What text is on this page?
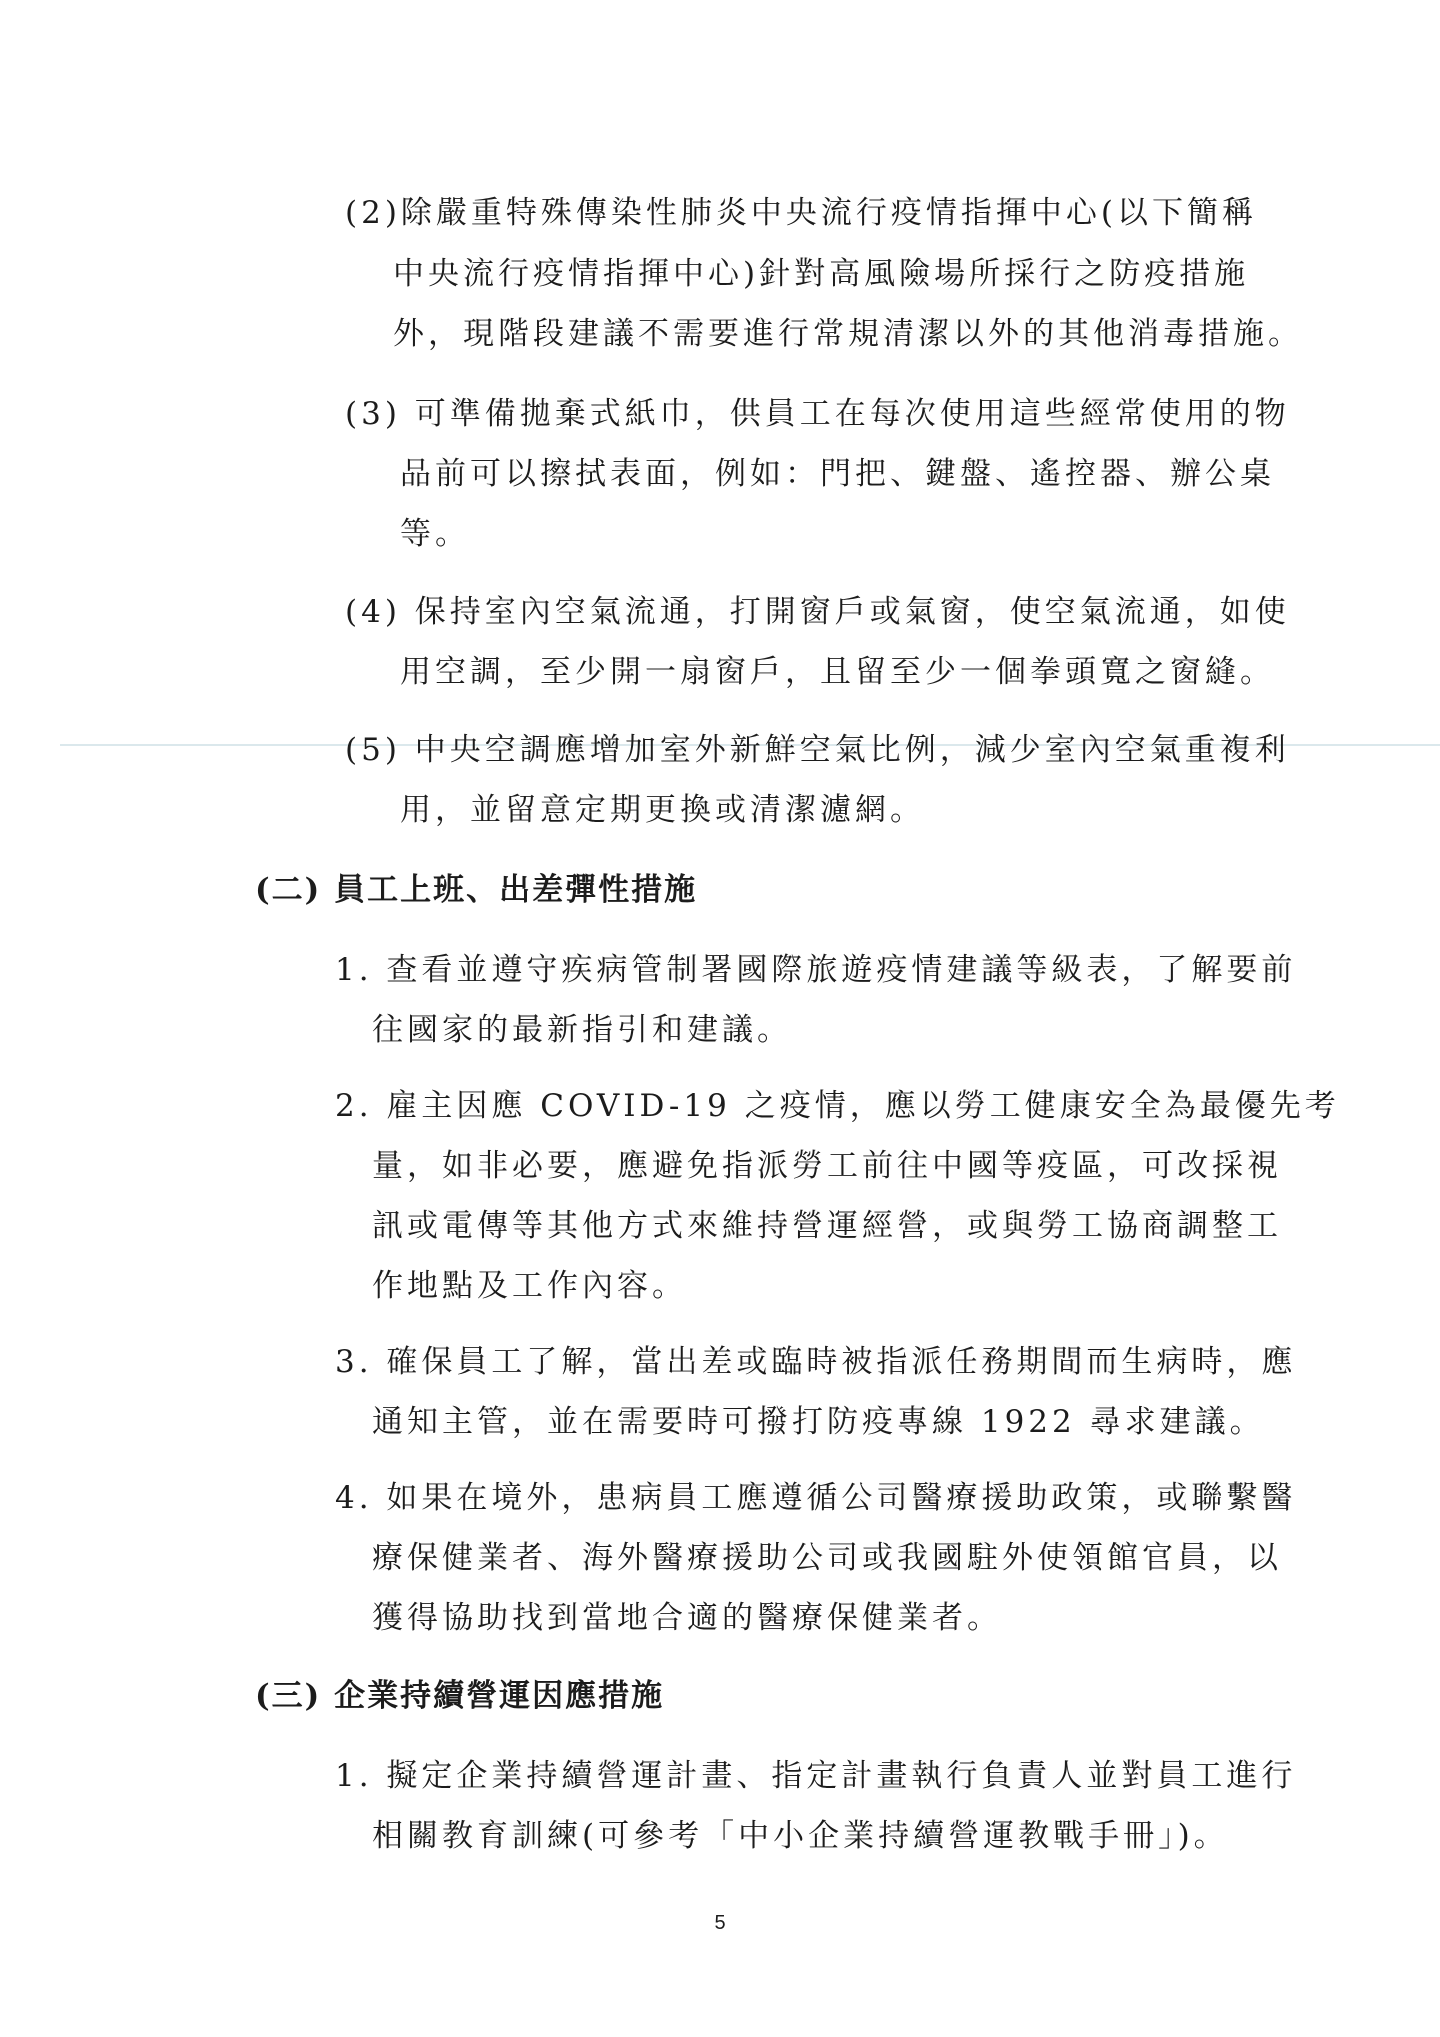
(2)除嚴重特殊傳染性肺炎中央流行疫情指揮中心(以下簡稱
中央流行疫情指揮中心)針對高風險場所採行之防疫措施
外，現階段建議不需要進行常規清潔以外的其他消毒措施。
(3) 可準備拋棄式紙巾，供員工在每次使用這些經常使用的物
品前可以擦拭表面，例如：門把、鍵盤、遙控器、辦公桌
等。
(4) 保持室內空氣流通，打開窗戶或氣窗，使空氣流通，如使
用空調，至少開一扇窗戶，且留至少一個拳頭寬之窗縫。
(5) 中央空調應增加室外新鮮空氣比例，減少室內空氣重複利
用，並留意定期更換或清潔濾網。
(二) 員工上班、出差彈性措施
1. 查看並遵守疾病管制署國際旅遊疫情建議等級表，了解要前
往國家的最新指引和建議。
2. 雇主因應 COVID-19 之疫情，應以勞工健康安全為最優先考
量，如非必要，應避免指派勞工前往中國等疫區，可改採視
訊或電傳等其他方式來維持營運經營，或與勞工協商調整工
作地點及工作內容。
3. 確保員工了解，當出差或臨時被指派任務期間而生病時，應
通知主管，並在需要時可撥打防疫專線 1922 尋求建議。
4. 如果在境外，患病員工應遵循公司醫療援助政策，或聯繫醫
療保健業者、海外醫療援助公司或我國駐外使領館官員，以
獲得協助找到當地合適的醫療保健業者。
(三) 企業持續營運因應措施
1. 擬定企業持續營運計畫、指定計畫執行負責人並對員工進行
相關教育訓練(可參考「中小企業持續營運教戰手冊」)。
5
